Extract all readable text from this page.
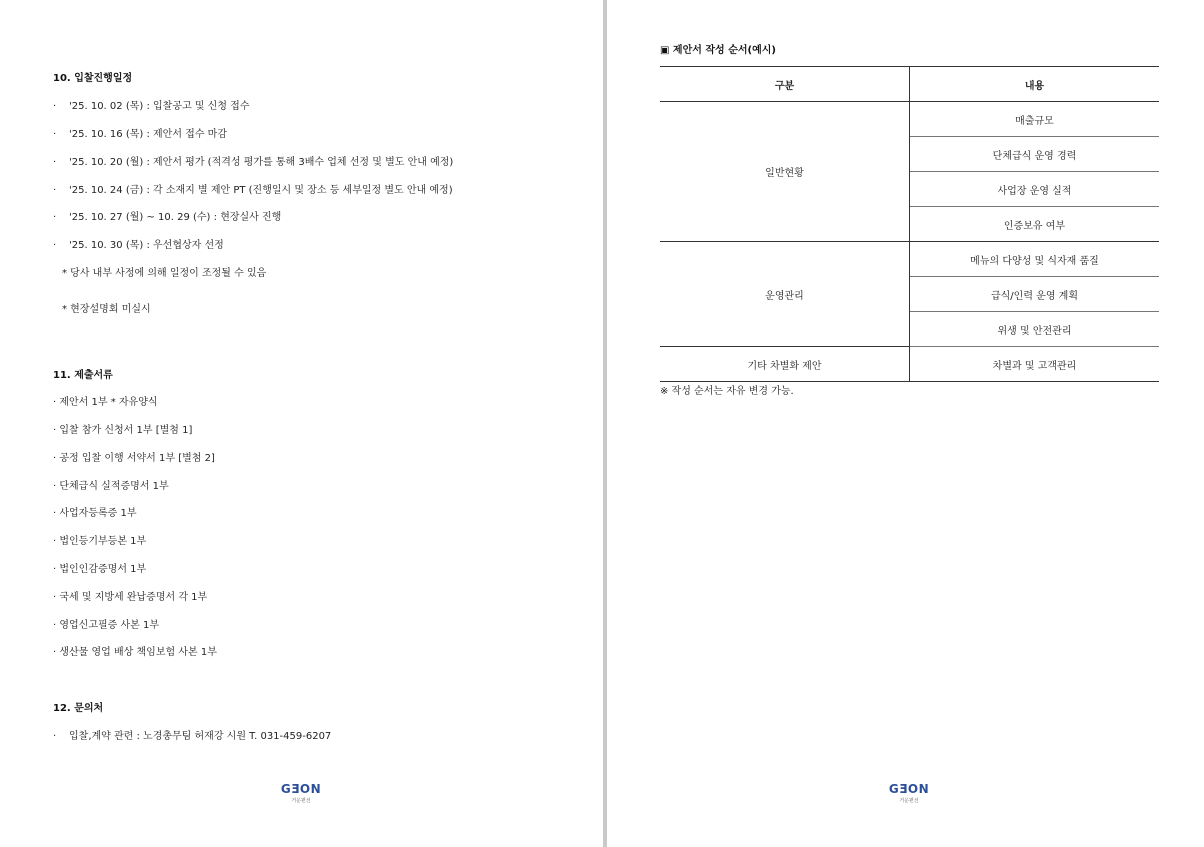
10. 입찰진행일정
· '25. 10. 02 (목) : 입찰공고 및 신청 접수
· '25. 10. 16 (목) : 제안서 접수 마감
· '25. 10. 20 (월) : 제안서 평가 (적격성 평가를 통해 3배수 업체 선정 및 별도 안내 예정)
· '25. 10. 24 (금) : 각 소재지 별 제안 PT (진행일시 및 장소 등 세부일정 별도 안내 예정)
· '25. 10. 27 (월) ~ 10. 29 (수) : 현장실사 진행
· '25. 10. 30 (목) : 우선협상자 선정
* 당사 내부 사정에 의해 일정이 조정될 수 있음
* 현장설명회 미실시
11. 제출서류
· 제안서 1부 * 자유양식
· 입찰 참가 신청서 1부 [별첨 1]
· 공정 입찰 이행 서약서 1부 [별첨 2]
· 단체급식 실적증명서 1부
· 사업자등록증 1부
· 법인등기부등본 1부
· 법인인감증명서 1부
· 국세 및 지방세 완납증명서 각 1부
· 영업신고필증 사본 1부
· 생산물 영업 배상 책임보험 사본 1부
12. 문의처
· 입찰,계약 관련 : 노경총무팀 허재강 시원 T. 031-459-6207
GƎON
거운편선
▣ 제안서 작성 순서(예시)
구분	내용
일반현황	매출규모
	단체급식 운영 경력
	사업장 운영 실적
	인증보유 여부
운영관리	메뉴의 다양성 및 식자재 품질
	급식/인력 운영 계획
	위생 및 안전관리
기타 차별화 제안	차별과 및 고객관리
※ 작성 순서는 자유 변경 가능.
GƎON
거운편선
